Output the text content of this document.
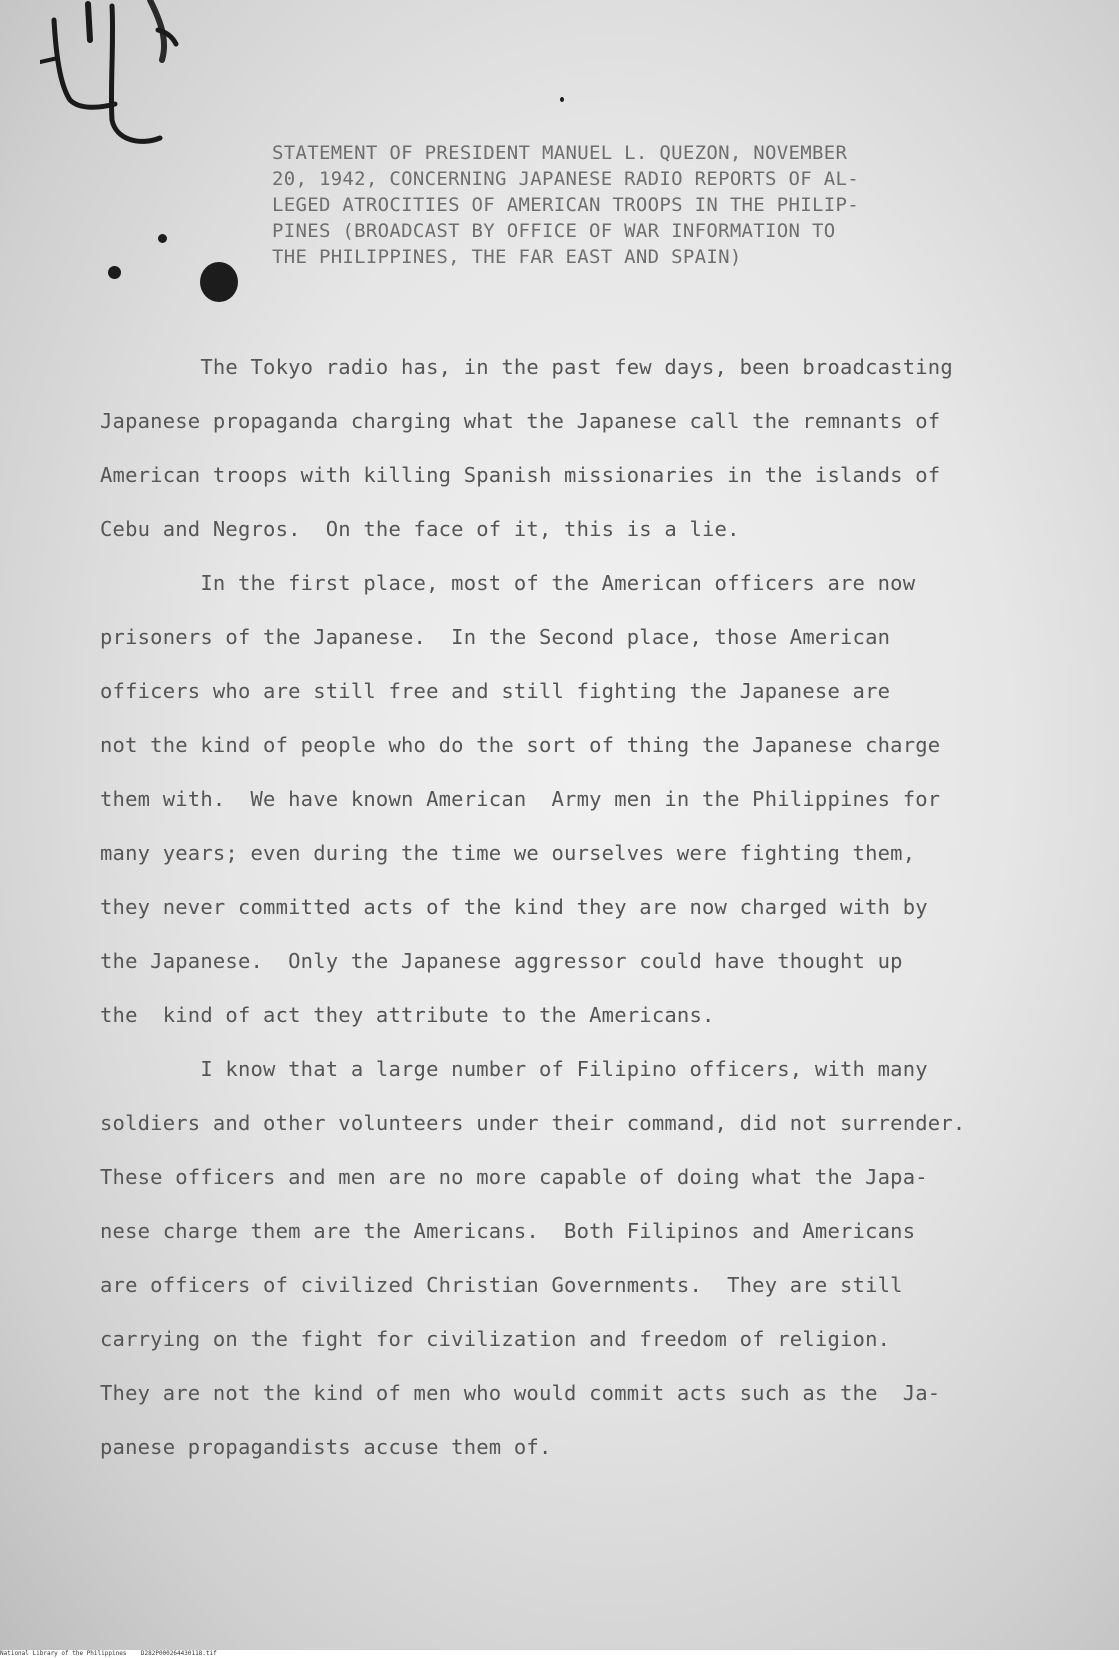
STATEMENT OF PRESIDENT MANUEL L. QUEZON, NOVEMBER
20, 1942, CONCERNING JAPANESE RADIO REPORTS OF AL-
LEGED ATROCITIES OF AMERICAN TROOPS IN THE PHILIP-
PINES (BROADCAST BY OFFICE OF WAR INFORMATION TO
THE PHILIPPINES, THE FAR EAST AND SPAIN)
The Tokyo radio has, in the past few days, been broadcasting
Japanese propaganda charging what the Japanese call the remnants of
American troops with killing Spanish missionaries in the islands of
Cebu and Negros.  On the face of it, this is a lie.
In the first place, most of the American officers are now
prisoners of the Japanese.  In the Second place, those American
officers who are still free and still fighting the Japanese are
not the kind of people who do the sort of thing the Japanese charge
them with.  We have known American  Army men in the Philippines for
many years; even during the time we ourselves were fighting them,
they never committed acts of the kind they are now charged with by
the Japanese.  Only the Japanese aggressor could have thought up
the  kind of act they attribute to the Americans.
I know that a large number of Filipino officers, with many
soldiers and other volunteers under their command, did not surrender.
These officers and men are no more capable of doing what the Japa-
nese charge them are the Americans.  Both Filipinos and Americans
are officers of civilized Christian Governments.  They are still
carrying on the fight for civilization and freedom of religion.
They are not the kind of men who would commit acts such as the  Ja-
panese propagandists accuse them of.
National Library of the Philippines    D282P000264430118.tif
